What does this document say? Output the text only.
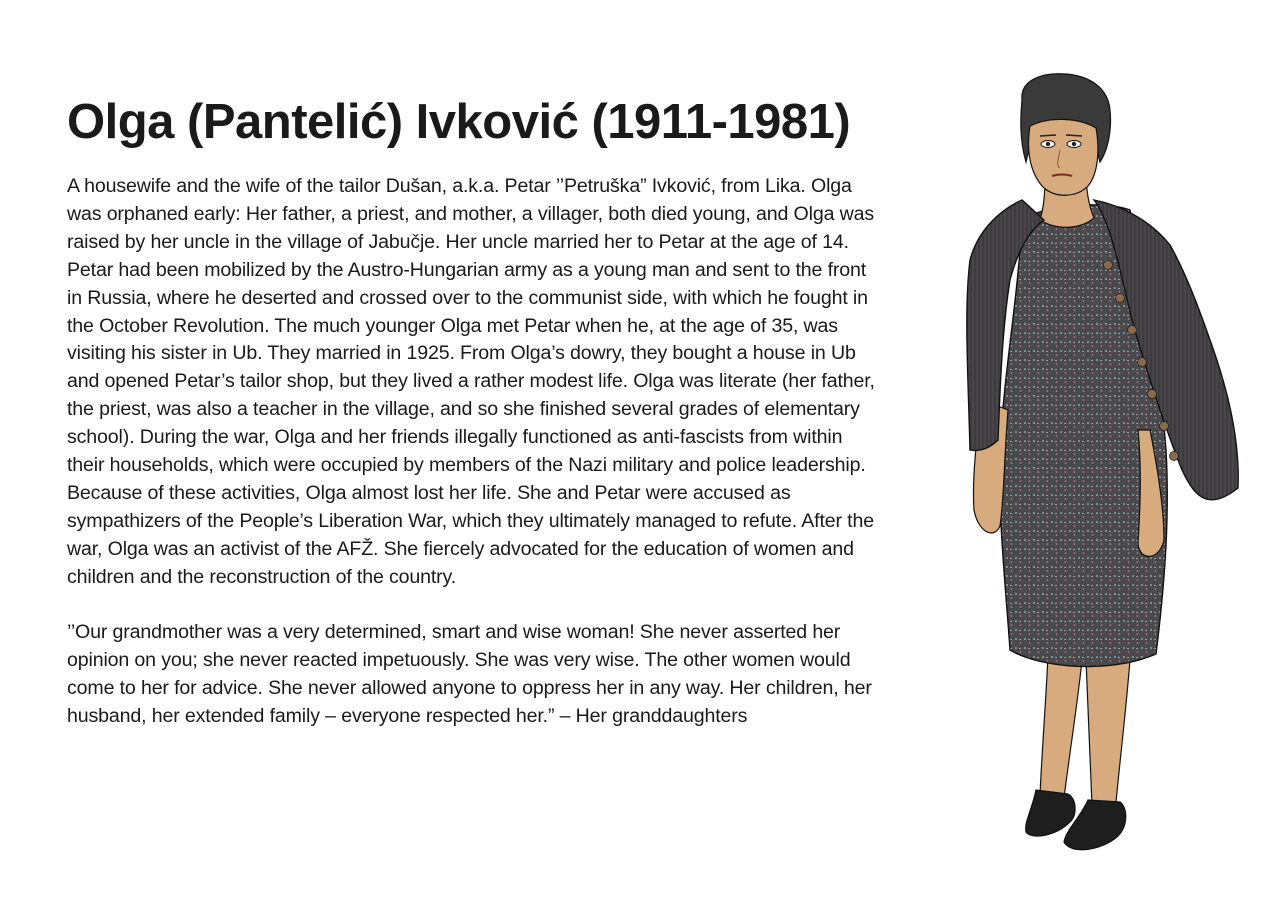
Olga (Pantelić) Ivković (1911-1981)

A housewife and the wife of the tailor Dušan, a.k.a. Petar ’’Petruška” Ivković, from Lika. Olga was orphaned early: Her father, a priest, and mother, a villager, both died young, and Olga was raised by her uncle in the village of Jabučje. Her uncle married her to Petar at the age of 14. Petar had been mobilized by the Austro-Hungarian army as a young man and sent to the front in Russia, where he deserted and crossed over to the communist side, with which he fought in the October Revolution. The much younger Olga met Petar when he, at the age of 35, was visiting his sister in Ub. They married in 1925. From Olga’s dowry, they bought a house in Ub and opened Petar’s tailor shop, but they lived a rather modest life. Olga was literate (her father, the priest, was also a teacher in the village, and so she finished several grades of elementary school). During the war, Olga and her friends illegally functioned as anti-fascists from within their households, which were occupied by members of the Nazi military and police leadership. Because of these activities, Olga almost lost her life. She and Petar were accused as sympathizers of the People’s Liberation War, which they ultimately managed to refute. After the war, Olga was an activist of the AFŽ. She fiercely advocated for the education of women and children and the reconstruction of the country.

’’Our grandmother was a very determined, smart and wise woman! She never asserted her opinion on you; she never reacted impetuously. She was very wise. The other women would come to her for advice. She never allowed anyone to oppress her in any way. Her children, her husband, her extended family – everyone respected her.” – Her granddaughters
